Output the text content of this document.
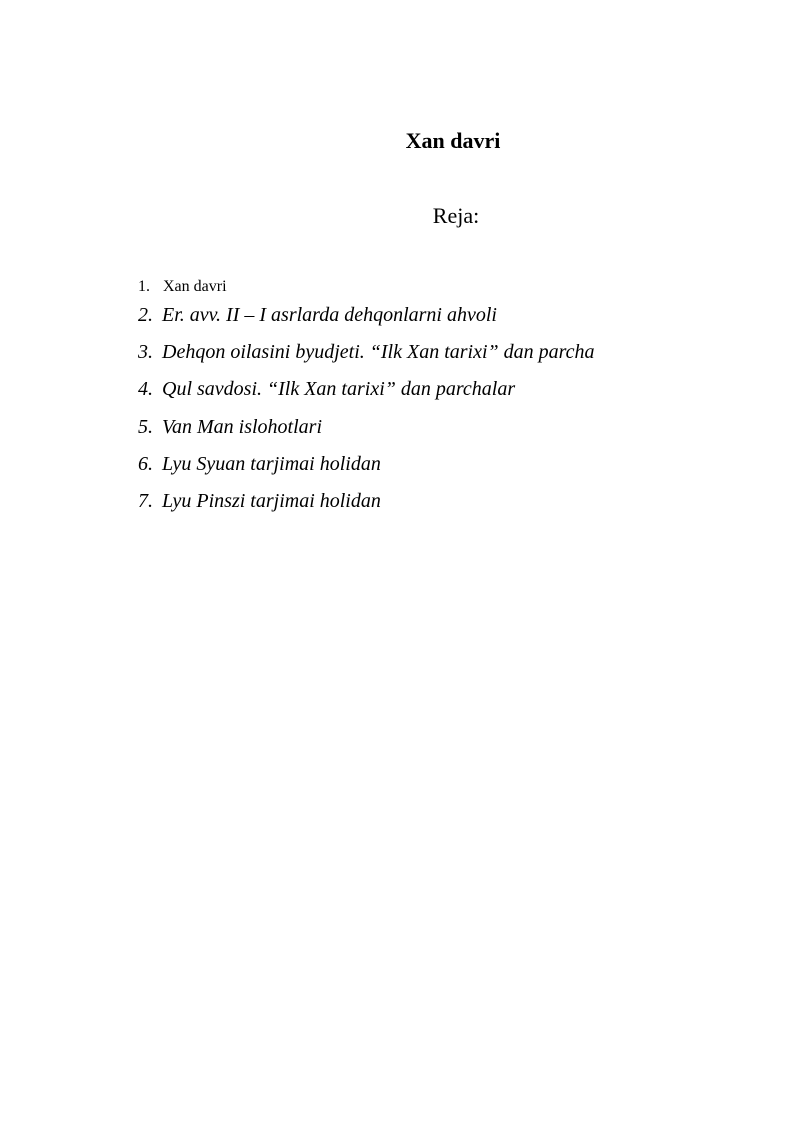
Xan davri
Reja:
1. Xan davri
2. Er. avv. II – I asrlarda dehqonlarni ahvoli
3. Dehqon oilasini byudjeti. “Ilk Xan tarixi” dan parcha
4. Qul savdosi. “Ilk Xan tarixi” dan parchalar
5. Van Man islohotlari
6. Lyu Syuan tarjimai holidan
7. Lyu Pinszi tarjimai holidan
